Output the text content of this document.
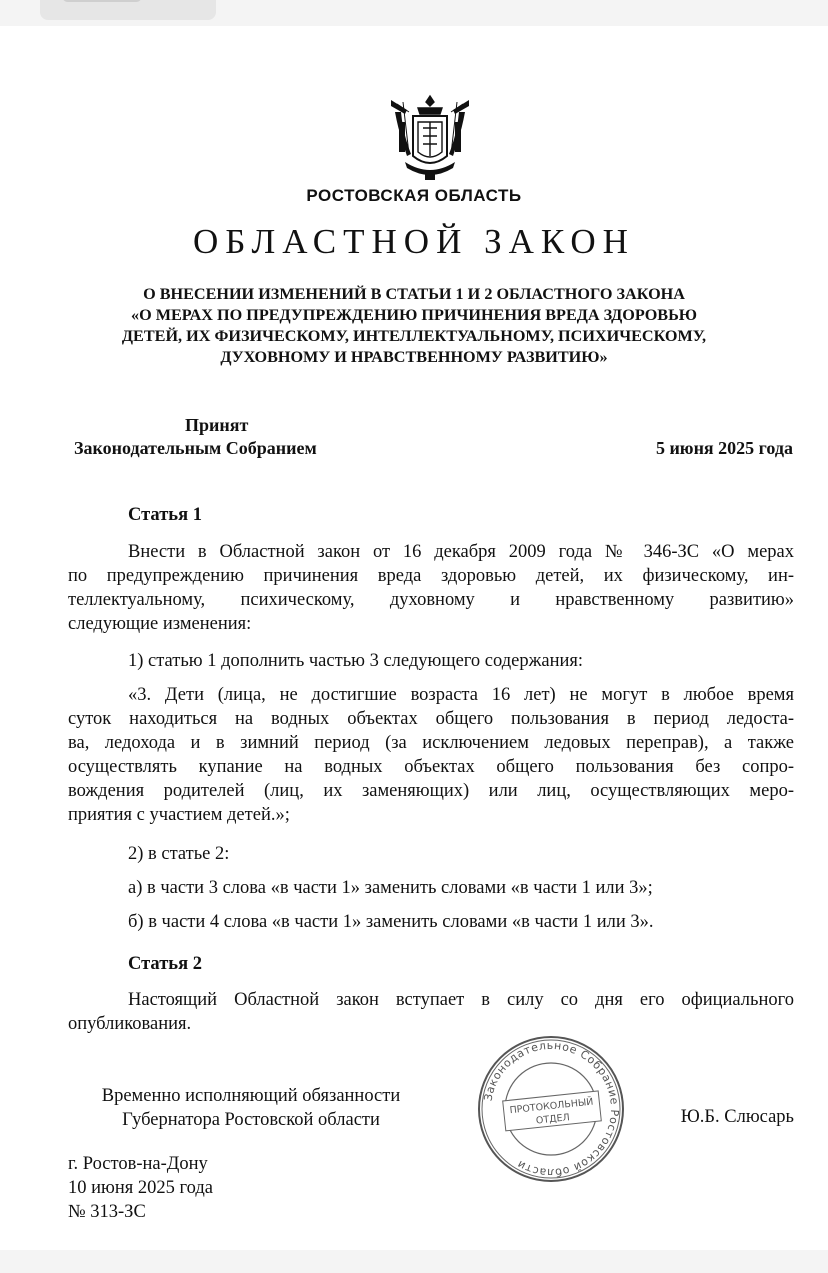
РОСТОВСКАЯ ОБЛАСТЬ
ОБЛАСТНОЙ ЗАКОН
О ВНЕСЕНИИ ИЗМЕНЕНИЙ В СТАТЬИ 1 И 2 ОБЛАСТНОГО ЗАКОНА
«О МЕРАХ ПО ПРЕДУПРЕЖДЕНИЮ ПРИЧИНЕНИЯ ВРЕДА ЗДОРОВЬЮ
ДЕТЕЙ, ИХ ФИЗИЧЕСКОМУ, ИНТЕЛЛЕКТУАЛЬНОМУ, ПСИХИЧЕСКОМУ,
ДУХОВНОМУ И НРАВСТВЕННОМУ РАЗВИТИЮ»
Принят
Законодательным Собранием	5 июня 2025 года
Статья 1
Внести в Областной закон от 16 декабря 2009 года № 346-ЗС «О мерах
по предупреждению причинения вреда здоровью детей, их физическому, ин-
теллектуальному, психическому, духовному и нравственному развитию»
следующие изменения:
1) статью 1 дополнить частью 3 следующего содержания:
«3. Дети (лица, не достигшие возраста 16 лет) не могут в любое время
суток находиться на водных объектах общего пользования в период ледоста-
ва, ледохода и в зимний период (за исключением ледовых переправ), а также
осуществлять купание на водных объектах общего пользования без сопро-
вождения родителей (лиц, их заменяющих) или лиц, осуществляющих меро-
приятия с участием детей.»;
2) в статье 2:
а) в части 3 слова «в части 1» заменить словами «в части 1 или 3»;
б) в части 4 слова «в части 1» заменить словами «в части 1 или 3».
Статья 2
Настоящий Областной закон вступает в силу со дня его официального
опубликования.
Временно исполняющий обязанности
Губернатора Ростовской области
Законодательное Собрание Ростовской области
ПРОТОКОЛЬНЫЙ
ОТДЕЛ	Ю.Б. Слюсарь
г. Ростов-на-Дону
10 июня 2025 года
№ 313-ЗС
